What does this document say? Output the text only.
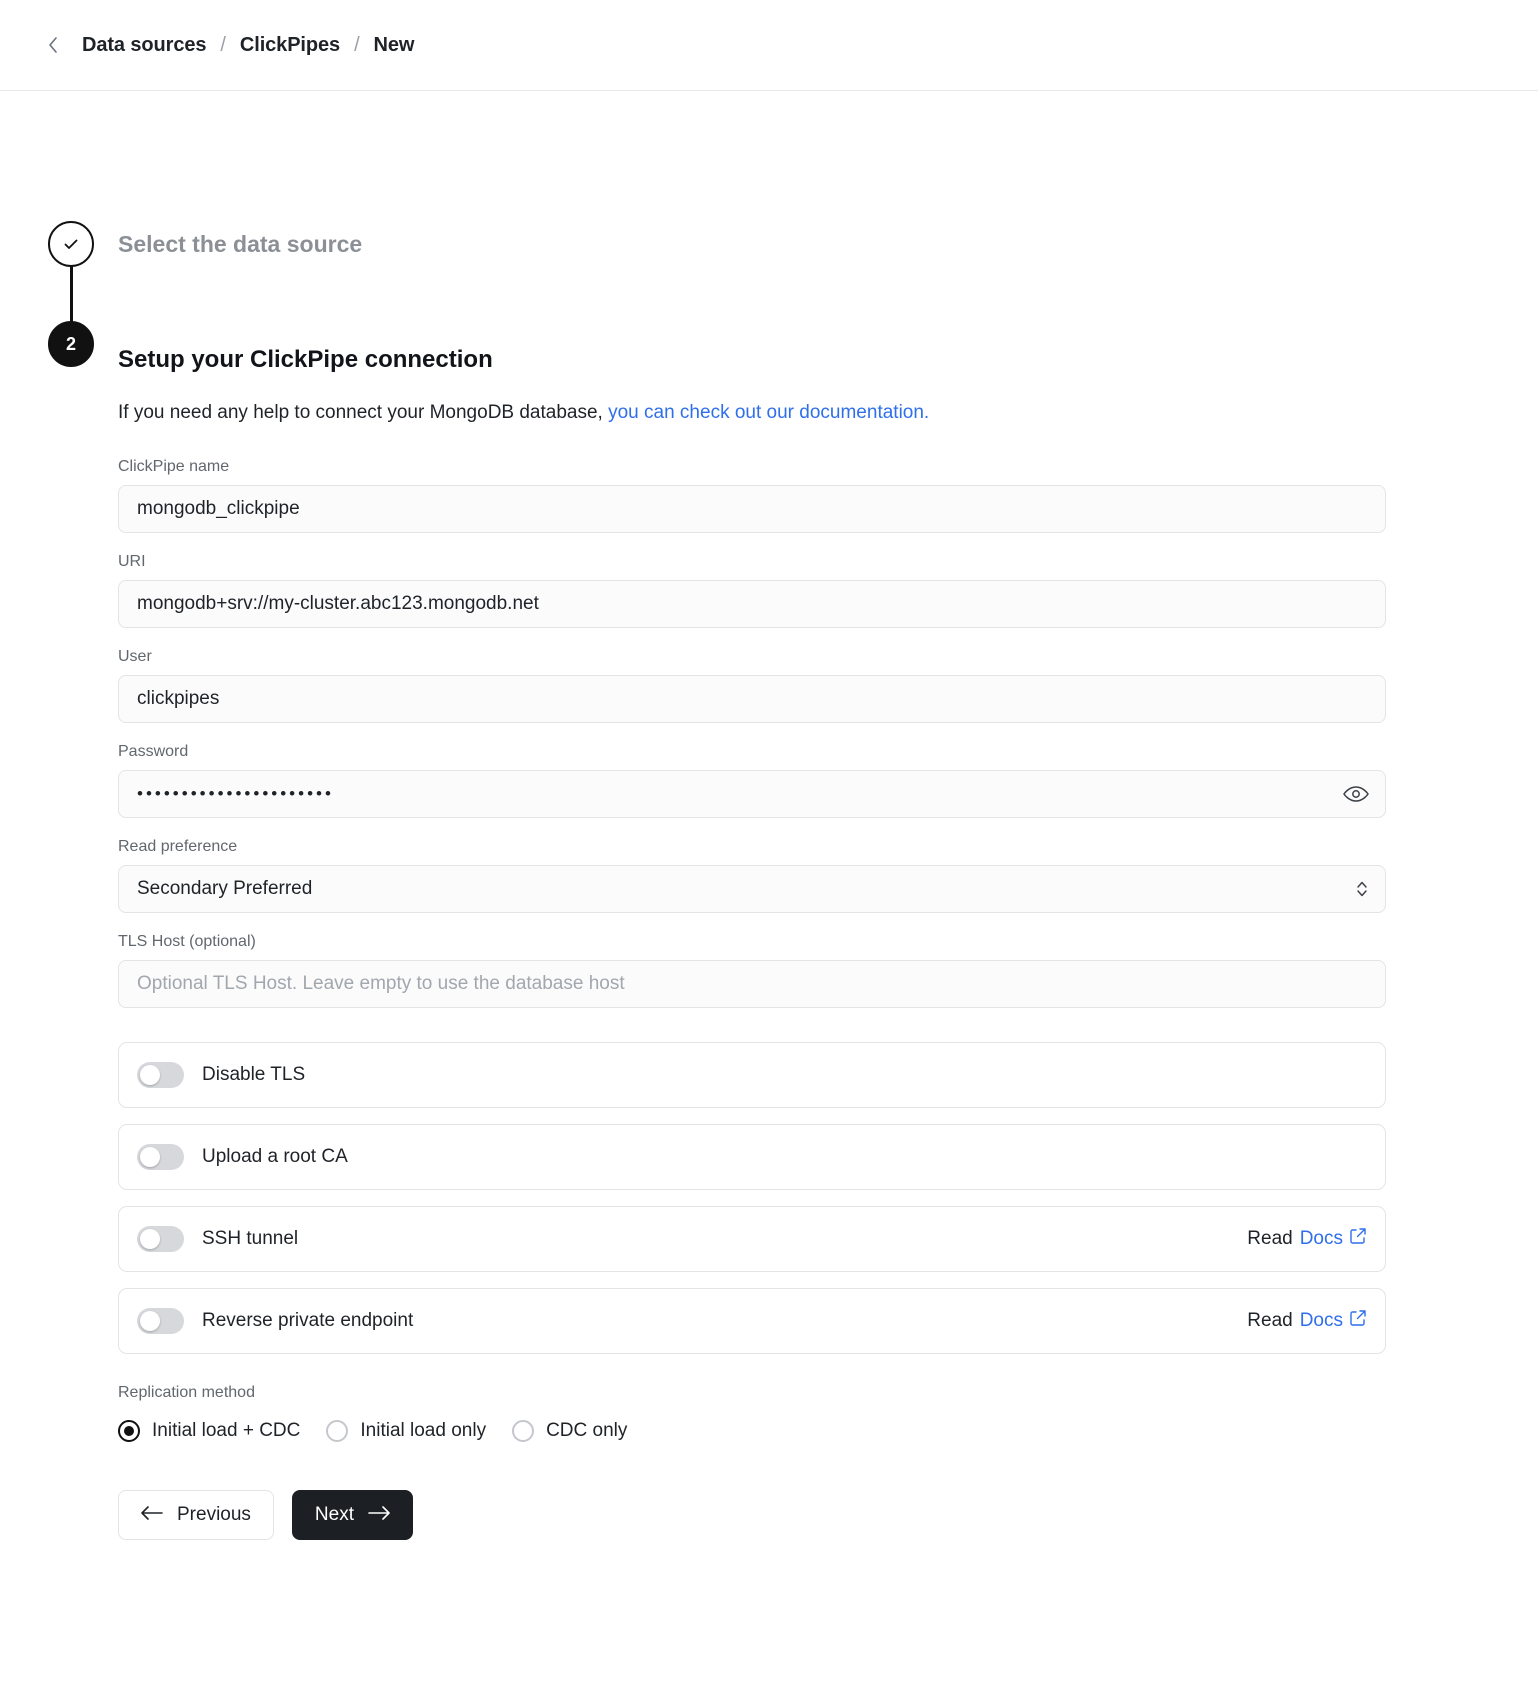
Data sources / ClickPipes / New
Select the data source
2
Setup your ClickPipe connection
If you need any help to connect your MongoDB database, you can check out our documentation.
ClickPipe name
mongodb_clickpipe
URI
mongodb+srv://my-cluster.abc123.mongodb.net
User
clickpipes
Password
••••••••••••••••••••••
Read preference
Secondary Preferred
TLS Host (optional)
Optional TLS Host. Leave empty to use the database host
Disable TLS
Upload a root CA
SSH tunnel	Read Docs
Reverse private endpoint	Read Docs
Replication method
Initial load + CDC	Initial load only	CDC only
Previous	Next
